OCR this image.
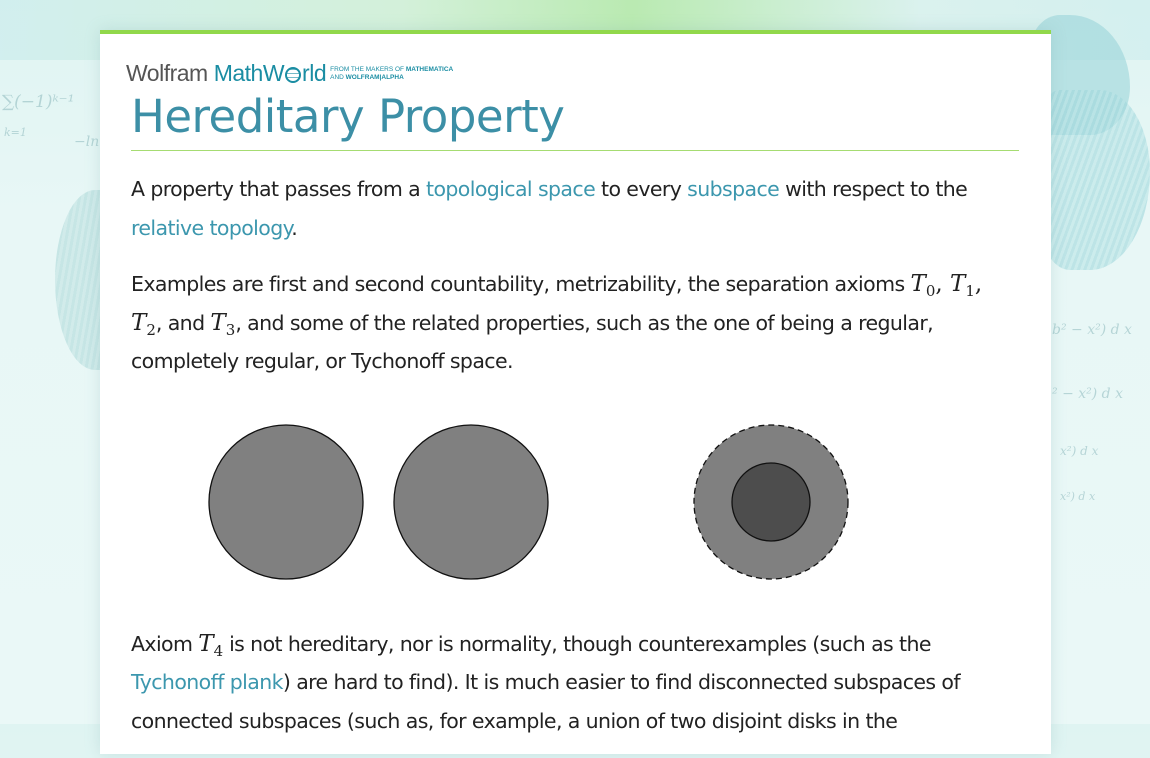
∑(−1)ᵏ⁻¹
k=1
−ln
b² − x²) d x
² − x²) d x
x²) d x
x²) d x
Wolfram MathW rld FROM THE MAKERS OF MATHEMATICA
AND WOLFRAM|ALPHA
Hereditary Property

A property that passes from a topological space to every subspace with respect to the relative topology.

Examples are first and second countability, metrizability, the separation axioms $T_0$, $T_1$, $T_2$, and $T_3$, and some of the related properties, such as the one of being a regular, completely regular, or Tychonoff space.

Axiom $T_4$ is not hereditary, nor is normality, though counterexamples (such as the Tychonoff plank) are hard to find). It is much easier to find disconnected subspaces of connected subspaces (such as, for example, a union of two disjoint disks in the
